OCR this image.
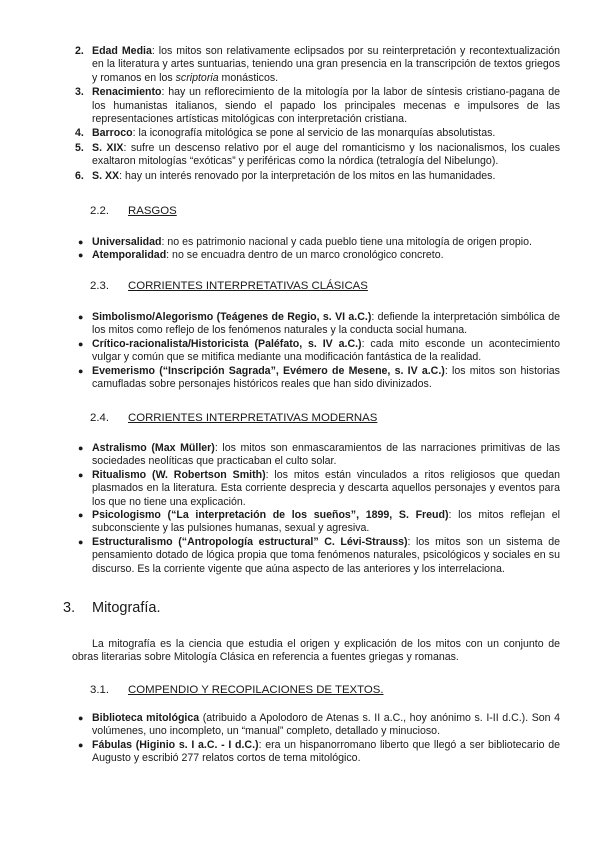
2. Edad Media: los mitos son relativamente eclipsados por su reinterpretación y recontextualización en la literatura y artes suntuarias, teniendo una gran presencia en la transcripción de textos griegos y romanos en los scriptoria monásticos.
3. Renacimiento: hay un reflorecimiento de la mitología por la labor de síntesis cristiano-pagana de los humanistas italianos, siendo el papado los principales mecenas e impulsores de las representaciones artísticas mitológicas con interpretación cristiana.
4. Barroco: la iconografía mitológica se pone al servicio de las monarquías absolutistas.
5. S. XIX: sufre un descenso relativo por el auge del romanticismo y los nacionalismos, los cuales exaltaron mitologías “exóticas” y periféricas como la nórdica (tetralogía del Nibelungo).
6. S. XX: hay un interés renovado por la interpretación de los mitos en las humanidades.
2.2. RASGOS
● Universalidad: no es patrimonio nacional y cada pueblo tiene una mitología de origen propio.
● Atemporalidad: no se encuadra dentro de un marco cronológico concreto.
2.3. CORRIENTES INTERPRETATIVAS CLÁSICAS
● Simbolismo/Alegorismo (Teágenes de Regio, s. VI a.C.): defiende la interpretación simbólica de los mitos como reflejo de los fenómenos naturales y la conducta social humana.
● Crítico-racionalista/Historicista (Paléfato, s. IV a.C.): cada mito esconde un acontecimiento vulgar y común que se mitifica mediante una modificación fantástica de la realidad.
● Evemerismo (“Inscripción Sagrada”, Evémero de Mesene, s. IV a.C.): los mitos son historias camufladas sobre personajes históricos reales que han sido divinizados.
2.4. CORRIENTES INTERPRETATIVAS MODERNAS
● Astralismo (Max Müller): los mitos son enmascaramientos de las narraciones primitivas de las sociedades neolíticas que practicaban el culto solar.
● Ritualismo (W. Robertson Smith): los mitos están vinculados a ritos religiosos que quedan plasmados en la literatura. Esta corriente desprecia y descarta aquellos personajes y eventos para los que no tiene una explicación.
● Psicologismo (“La interpretación de los sueños”, 1899, S. Freud): los mitos reflejan el subconsciente y las pulsiones humanas, sexual y agresiva.
● Estructuralismo (“Antropología estructural” C. Lévi-Strauss): los mitos son un sistema de pensamiento dotado de lógica propia que toma fenómenos naturales, psicológicos y sociales en su discurso. Es la corriente vigente que aúna aspecto de las anteriores y los interrelaciona.
3. Mitografía.
La mitografía es la ciencia que estudia el origen y explicación de los mitos con un conjunto de obras literarias sobre Mitología Clásica en referencia a fuentes griegas y romanas.
3.1. COMPENDIO Y RECOPILACIONES DE TEXTOS.
● Biblioteca mitológica (atribuido a Apolodoro de Atenas s. II a.C., hoy anónimo s. I-II d.C.). Son 4 volúmenes, uno incompleto, un “manual” completo, detallado y minucioso.
● Fábulas (Higinio s. I a.C. - I d.C.): era un hispanorromano liberto que llegó a ser bibliotecario de Augusto y escribió 277 relatos cortos de tema mitológico.
